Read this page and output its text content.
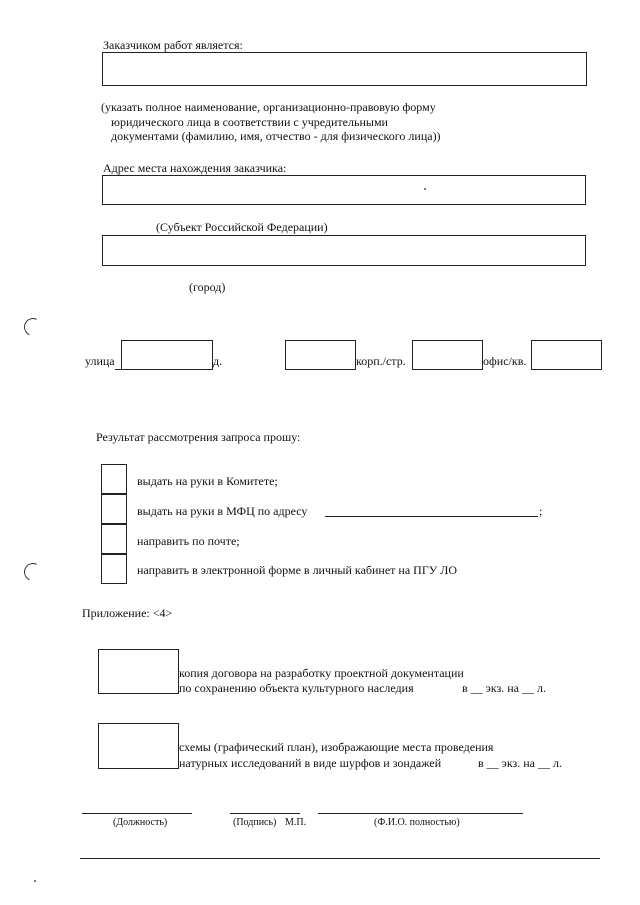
Заказчиком работ является:
(указать полное наименование, организационно-правовую форму
юридического лица в соответствии с учредительными
документами (фамилию, имя, отчество - для физического лица))
Адрес места нахождения заказчика:
(Субъект Российской Федерации)
(город)
улица	д.	корп./стр.	офис/кв.
Результат рассмотрения запроса прошу:
выдать на руки в Комитете;
выдать на руки в МФЦ по адресу	;
направить по почте;
направить в электронной форме в личный кабинет на ПГУ ЛО
Приложение: <4>
копия договора на разработку проектной документации
по сохранению объекта культурного наследия	в __ экз. на __ л.
схемы (графический план), изображающие места проведения
натурных исследований в виде шурфов и зондажей	в __ экз. на __ л.
(Должность)	(Подпись) М.П.	(Ф.И.О. полностью)
